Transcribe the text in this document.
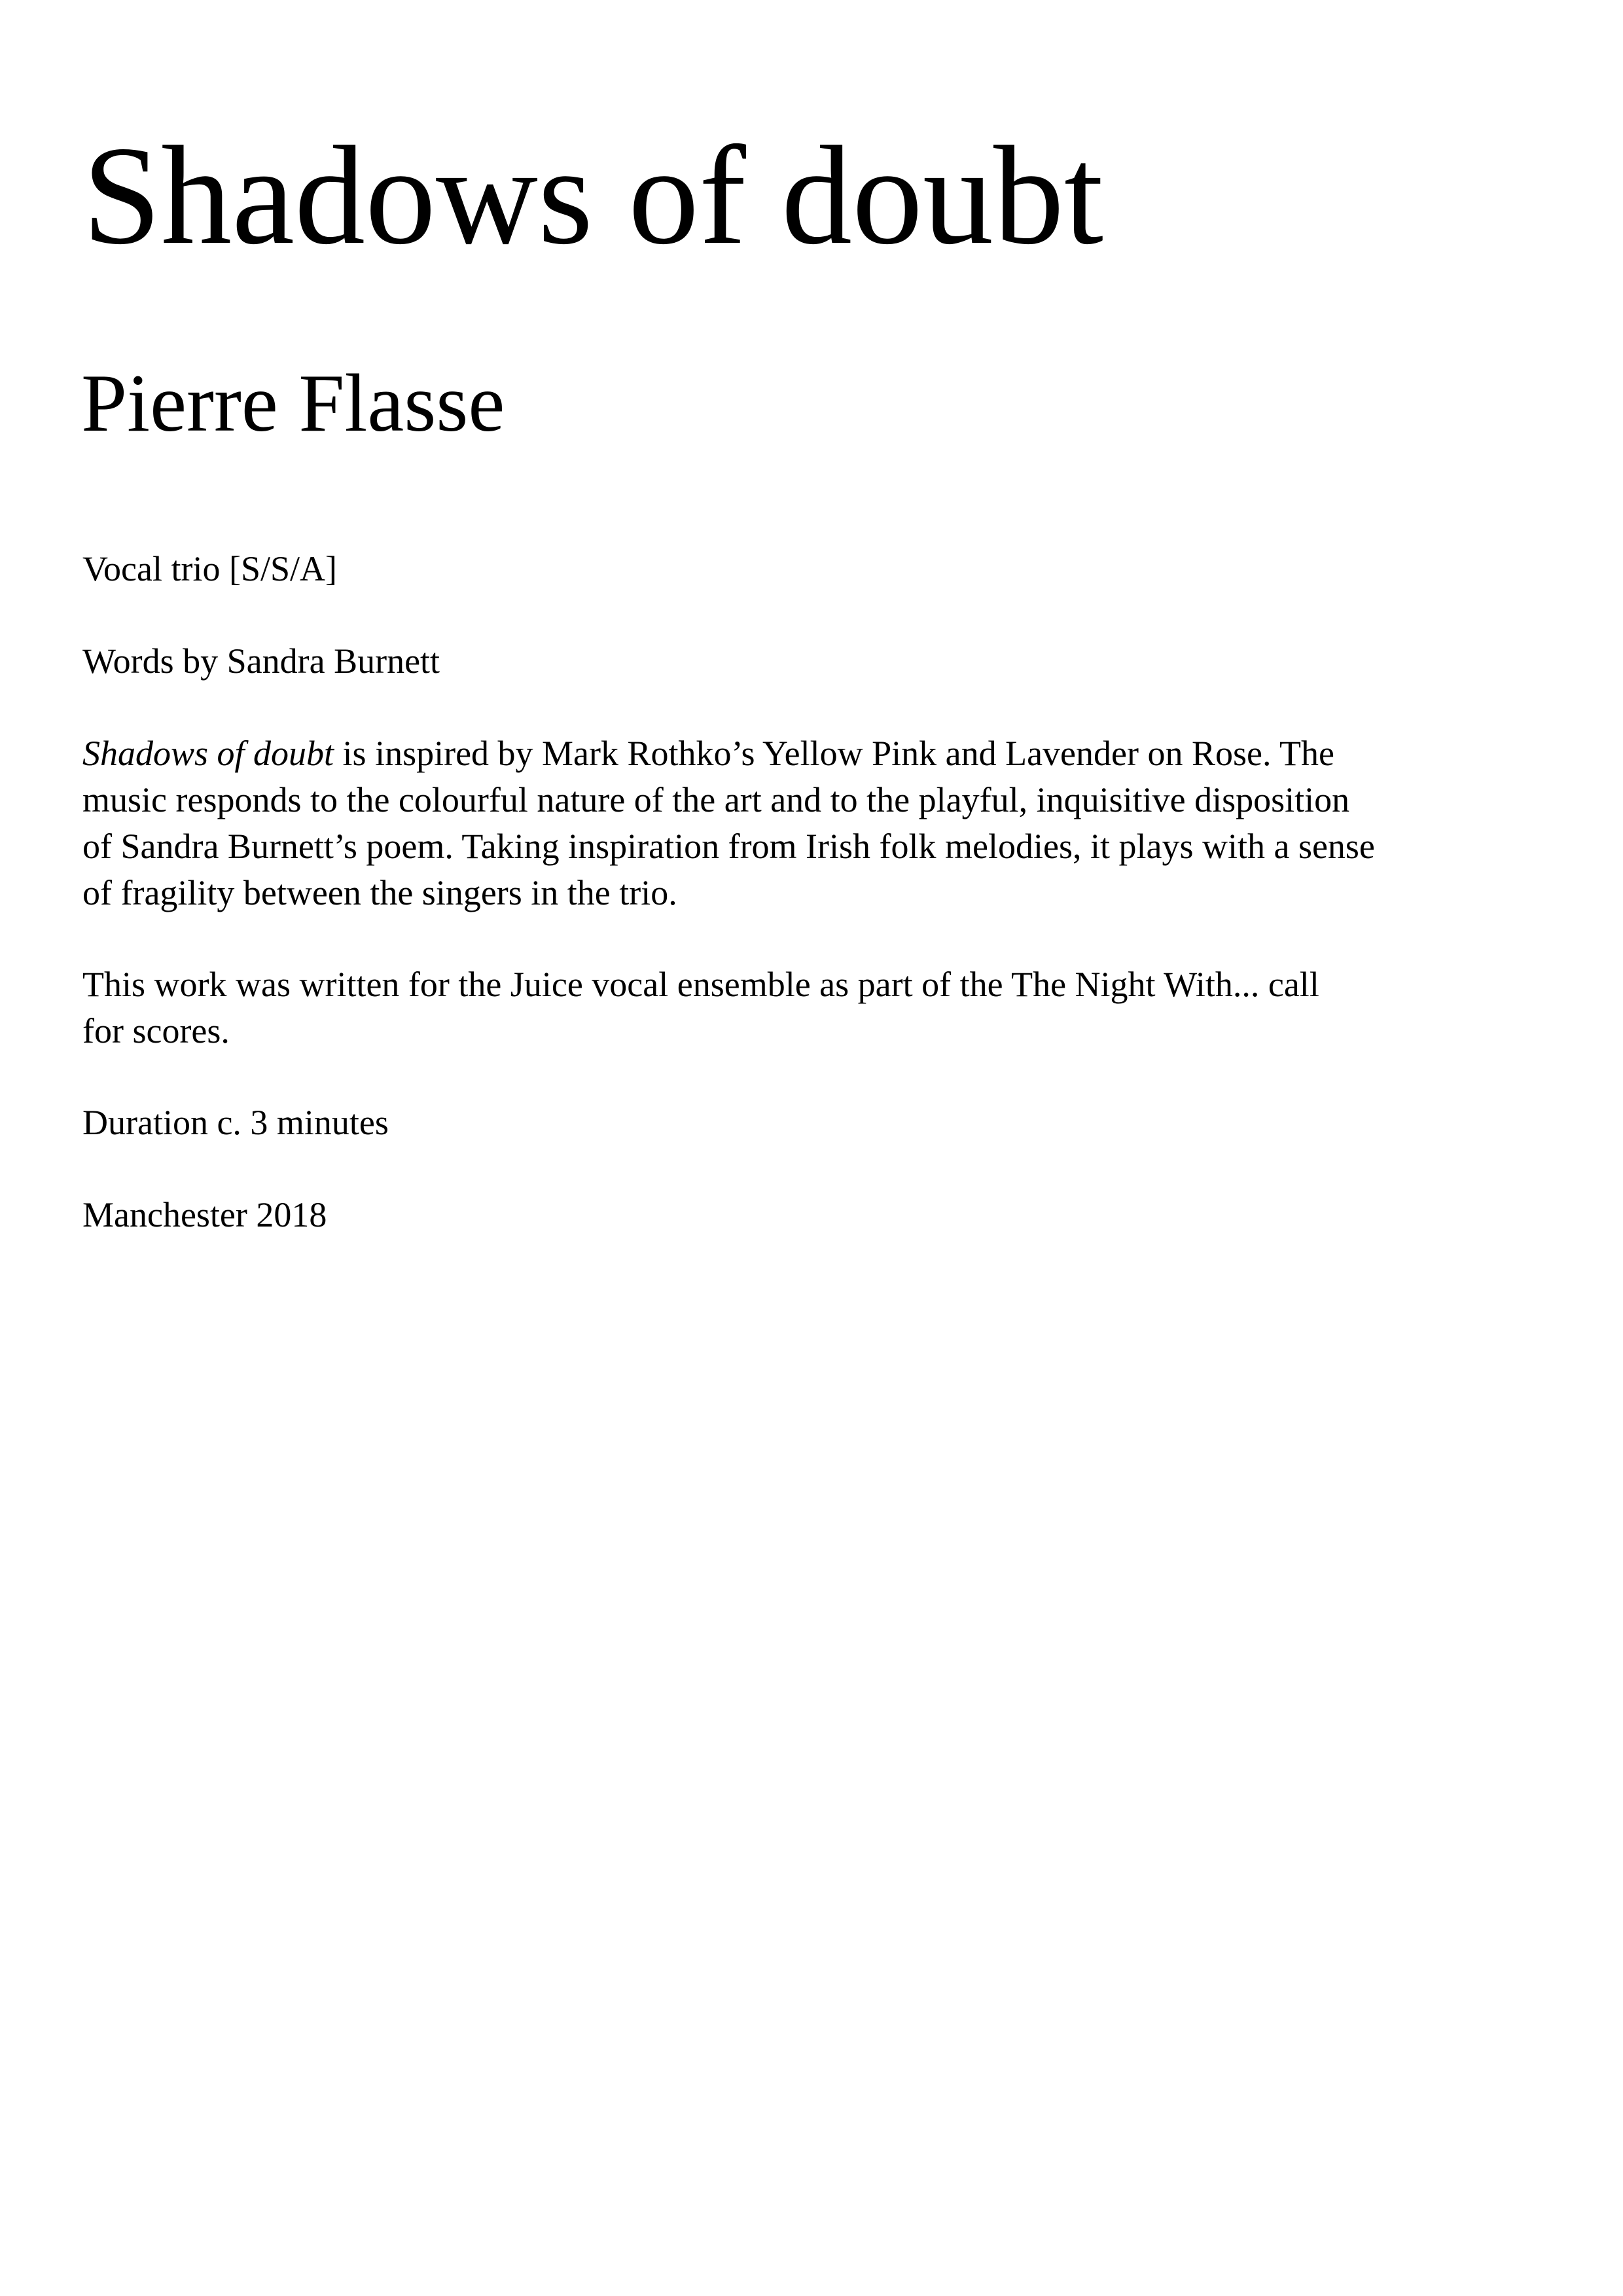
Shadows of doubt
Pierre Flasse

Vocal trio [S/S/A]

Words by Sandra Burnett

Shadows of doubt is inspired by Mark Rothko’s Yellow Pink and Lavender on Rose. The
music responds to the colourful nature of the art and to the playful, inquisitive disposition
of Sandra Burnett’s poem. Taking inspiration from Irish folk melodies, it plays with a sense
of fragility between the singers in the trio.

This work was written for the Juice vocal ensemble as part of the The Night With... call
for scores.

Duration c. 3 minutes

Manchester 2018
